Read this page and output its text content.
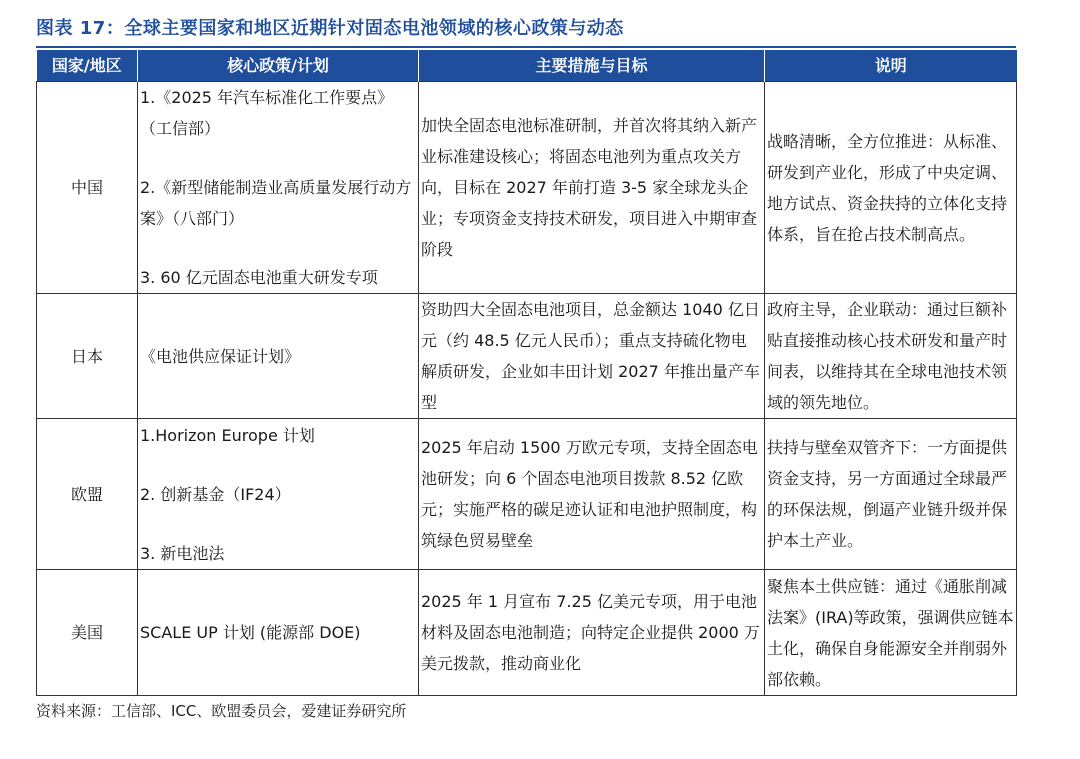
图表 17：全球主要国家和地区近期针对固态电池领域的核心政策与动态
国家/地区	核心政策/计划	主要措施与目标	说明
中国	1.《2025 年汽车标准化工作要点》（工信部）
2.《新型储能制造业高质量发展行动方案》（八部门）
3. 60 亿元固态电池重大研发专项	加快全固态电池标准研制，并首次将其纳入新产业标准建设核心；将固态电池列为重点攻关方向，目标在 2027 年前打造 3-5 家全球龙头企业；专项资金支持技术研发，项目进入中期审查阶段	战略清晰，全方位推进：从标准、研发到产业化，形成了中央定调、地方试点、资金扶持的立体化支持体系，旨在抢占技术制高点。
日本	《电池供应保证计划》	资助四大全固态电池项目，总金额达 1040 亿日元（约 48.5 亿元人民币）；重点支持硫化物电解质研发，企业如丰田计划 2027 年推出量产车型	政府主导，企业联动：通过巨额补贴直接推动核心技术研发和量产时间表，以维持其在全球电池技术领域的领先地位。
欧盟	1.Horizon Europe 计划
2. 创新基金（IF24）
3. 新电池法	2025 年启动 1500 万欧元专项，支持全固态电池研发；向 6 个固态电池项目拨款 8.52 亿欧元；实施严格的碳足迹认证和电池护照制度，构筑绿色贸易壁垒	扶持与壁垒双管齐下：一方面提供资金支持，另一方面通过全球最严的环保法规，倒逼产业链升级并保护本土产业。
美国	SCALE UP 计划 (能源部 DOE)	2025 年 1 月宣布 7.25 亿美元专项，用于电池材料及固态电池制造；向特定企业提供 2000 万美元拨款，推动商业化	聚焦本土供应链：通过《通胀削减法案》(IRA)等政策，强调供应链本土化，确保自身能源安全并削弱外部依赖。
资料来源：工信部、ICC、欧盟委员会，爱建证券研究所
